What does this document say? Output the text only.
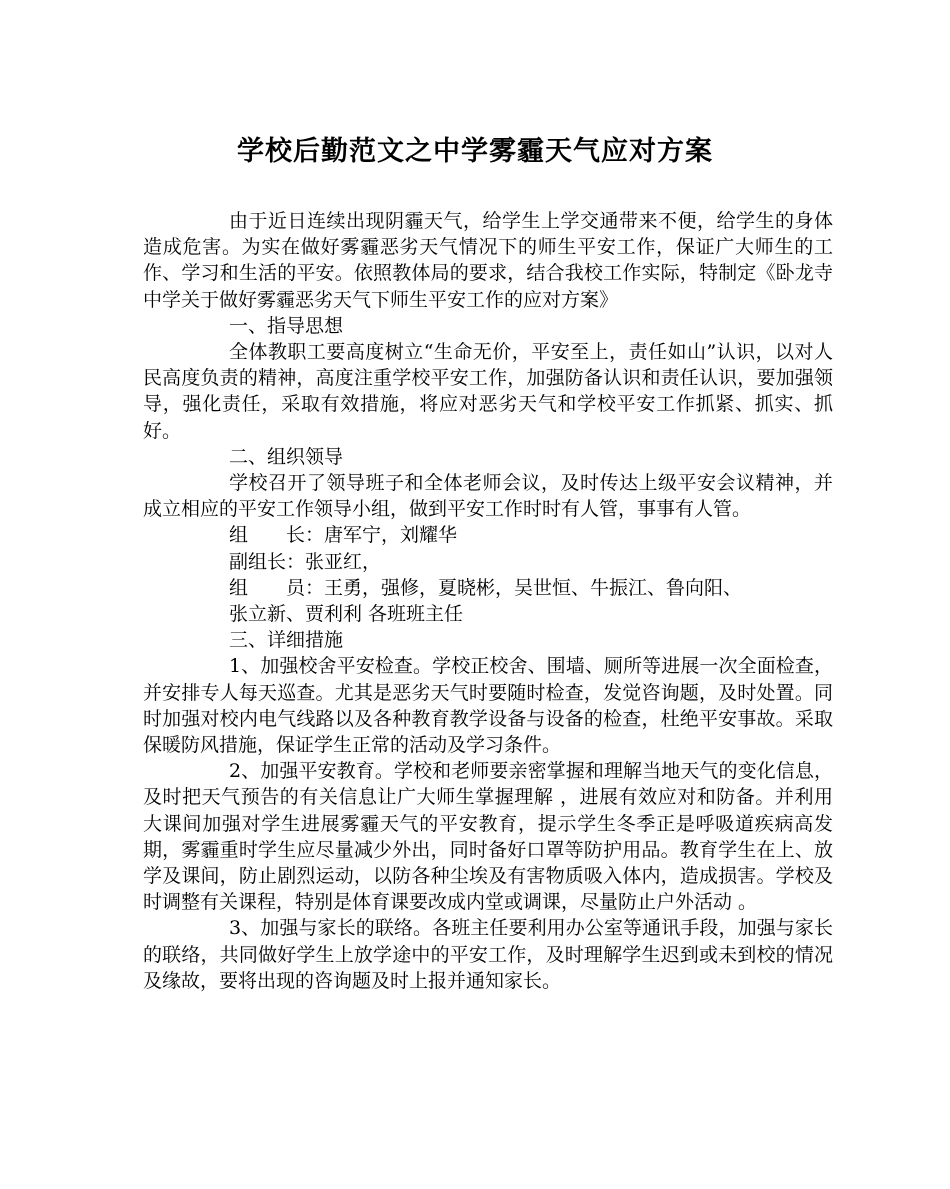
学校后勤范文之中学雾霾天气应对方案

由于近日连续出现阴霾天气，给学生上学交通带来不便，给学生的身体造成危害。为实在做好雾霾恶劣天气情况下的师生平安工作，保证广大师生的工作、学习和生活的平安。依照教体局的要求，结合我校工作实际，特制定《卧龙寺中学关于做好雾霾恶劣天气下师生平安工作的应对方案》

一、指导思想

全体教职工要高度树立“生命无价，平安至上，责任如山”认识，以对人民高度负责的精神，高度注重学校平安工作，加强防备认识和责任认识，要加强领导，强化责任，采取有效措施，将应对恶劣天气和学校平安工作抓紧、抓实、抓好。

二、组织领导

学校召开了领导班子和全体老师会议，及时传达上级平安会议精神，并成立相应的平安工作领导小组，做到平安工作时时有人管，事事有人管。

组　　长：唐军宁，刘耀华

副组长：张亚红，

组　　员：王勇，强修，夏晓彬，吴世恒、牛振江、鲁向阳、

张立新、贾利利 各班班主任

三、详细措施

1、加强校舍平安检查。学校正校舍、围墙、厕所等进展一次全面检查，并安排专人每天巡查。尤其是恶劣天气时要随时检查，发觉咨询题，及时处置。同时加强对校内电气线路以及各种教育教学设备与设备的检查，杜绝平安事故。采取保暖防风措施，保证学生正常的活动及学习条件。

2、加强平安教育。学校和老师要亲密掌握和理解当地天气的变化信息，及时把天气预告的有关信息让广大师生掌握理解 ，进展有效应对和防备。并利用大课间加强对学生进展雾霾天气的平安教育，提示学生冬季正是呼吸道疾病高发期，雾霾重时学生应尽量减少外出，同时备好口罩等防护用品。教育学生在上、放学及课间，防止剧烈运动，以防各种尘埃及有害物质吸入体内，造成损害。学校及时调整有关课程，特别是体育课要改成内堂或调课，尽量防止户外活动 。

3、加强与家长的联络。各班主任要利用办公室等通讯手段，加强与家长的联络，共同做好学生上放学途中的平安工作，及时理解学生迟到或未到校的情况及缘故，要将出现的咨询题及时上报并通知家长。
